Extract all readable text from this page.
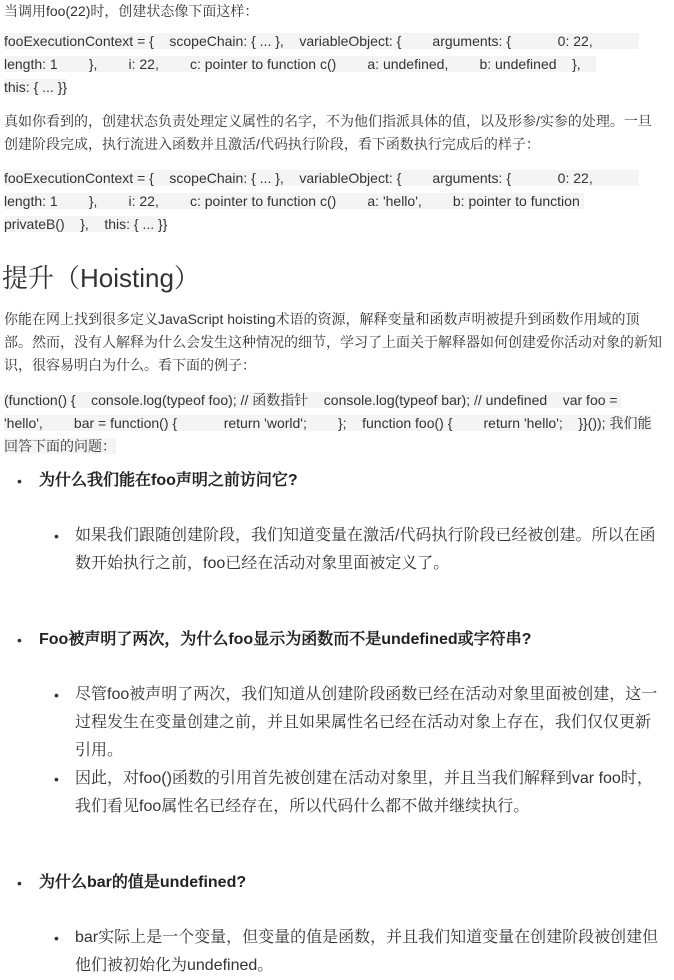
当调用foo(22)时，创建状态像下面这样：

fooExecutionContext = {    scopeChain: { ... },    variableObject: {        arguments: {            0: 22,            length: 1        },        i: 22,        c: pointer to function c()        a: undefined,        b: undefined    },    this: { ... }}

真如你看到的，创建状态负责处理定义属性的名字，不为他们指派具体的值，以及形参/实参的处理。一旦创建阶段完成，执行流进入函数并且激活/代码执行阶段，看下函数执行完成后的样子：

fooExecutionContext = {    scopeChain: { ... },    variableObject: {        arguments: {            0: 22,            length: 1        },        i: 22,        c: pointer to function c()        a: 'hello',        b: pointer to function privateB()    },    this: { ... }}

提升（Hoisting）

你能在网上找到很多定义JavaScript hoisting术语的资源，解释变量和函数声明被提升到函数作用域的顶部。然而，没有人解释为什么会发生这种情况的细节，学习了上面关于解释器如何创建爱你活动对象的新知识，很容易明白为什么。看下面的例子：

(function() {    console.log(typeof foo); // 函数指针    console.log(typeof bar); // undefined    var foo = 'hello',        bar = function() {            return 'world';        };    function foo() {        return 'hello';    }}()); 我们能回答下面的问题：

• 为什么我们能在foo声明之前访问它?
• 如果我们跟随创建阶段，我们知道变量在激活/代码执行阶段已经被创建。所以在函数开始执行之前，foo已经在活动对象里面被定义了。
• Foo被声明了两次，为什么foo显示为函数而不是undefined或字符串?
• 尽管foo被声明了两次，我们知道从创建阶段函数已经在活动对象里面被创建，这一过程发生在变量创建之前，并且如果属性名已经在活动对象上存在，我们仅仅更新引用。
• 因此，对foo()函数的引用首先被创建在活动对象里，并且当我们解释到var foo时，我们看见foo属性名已经存在，所以代码什么都不做并继续执行。
• 为什么bar的值是undefined?
• bar实际上是一个变量，但变量的值是函数，并且我们知道变量在创建阶段被创建但他们被初始化为undefined。
